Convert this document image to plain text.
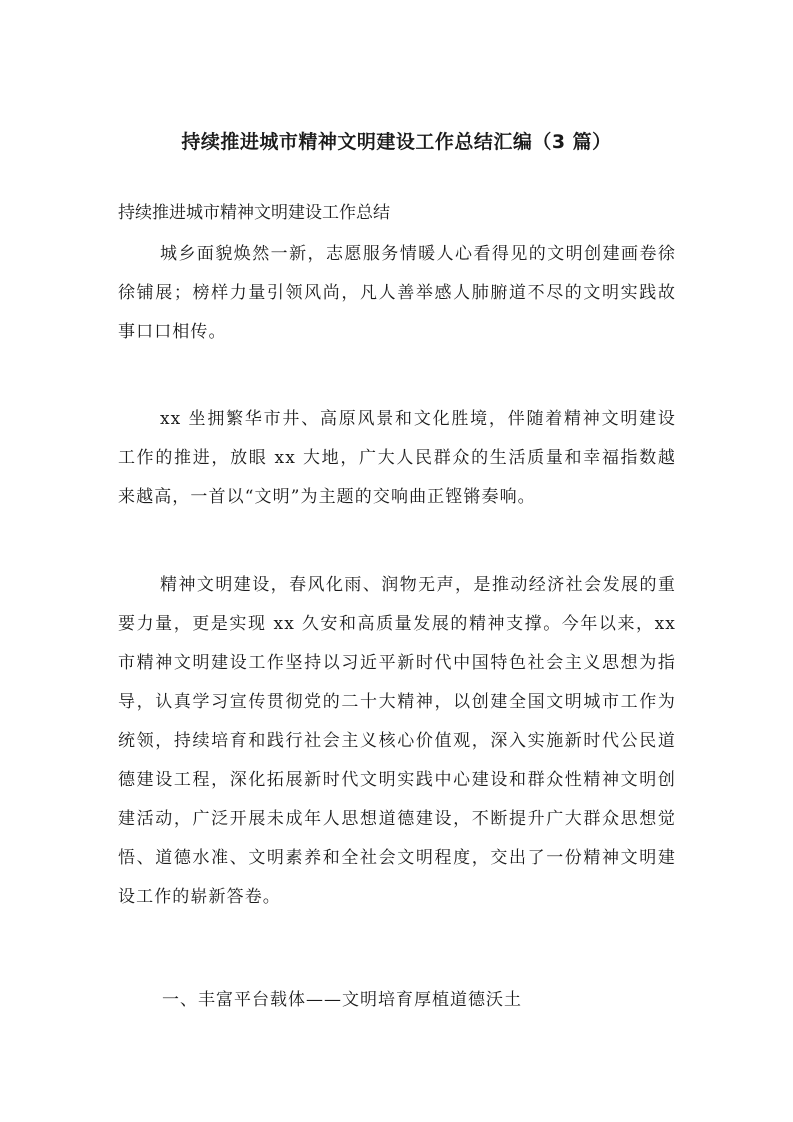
持续推进城市精神文明建设工作总结汇编（3 篇）
持续推进城市精神文明建设工作总结

城乡面貌焕然一新，志愿服务情暖人心看得见的文明创建画卷徐徐铺展；榜样力量引领风尚，凡人善举感人肺腑道不尽的文明实践故事口口相传。

xx 坐拥繁华市井、高原风景和文化胜境，伴随着精神文明建设工作的推进，放眼 xx 大地，广大人民群众的生活质量和幸福指数越来越高，一首以“文明”为主题的交响曲正铿锵奏响。

精神文明建设，春风化雨、润物无声，是推动经济社会发展的重要力量，更是实现 xx 久安和高质量发展的精神支撑。今年以来，xx 市精神文明建设工作坚持以习近平新时代中国特色社会主义思想为指导，认真学习宣传贯彻党的二十大精神，以创建全国文明城市工作为统领，持续培育和践行社会主义核心价值观，深入实施新时代公民道德建设工程，深化拓展新时代文明实践中心建设和群众性精神文明创建活动，广泛开展未成年人思想道德建设，不断提升广大群众思想觉悟、道德水准、文明素养和全社会文明程度，交出了一份精神文明建设工作的崭新答卷。

一、丰富平台载体——文明培育厚植道德沃土
